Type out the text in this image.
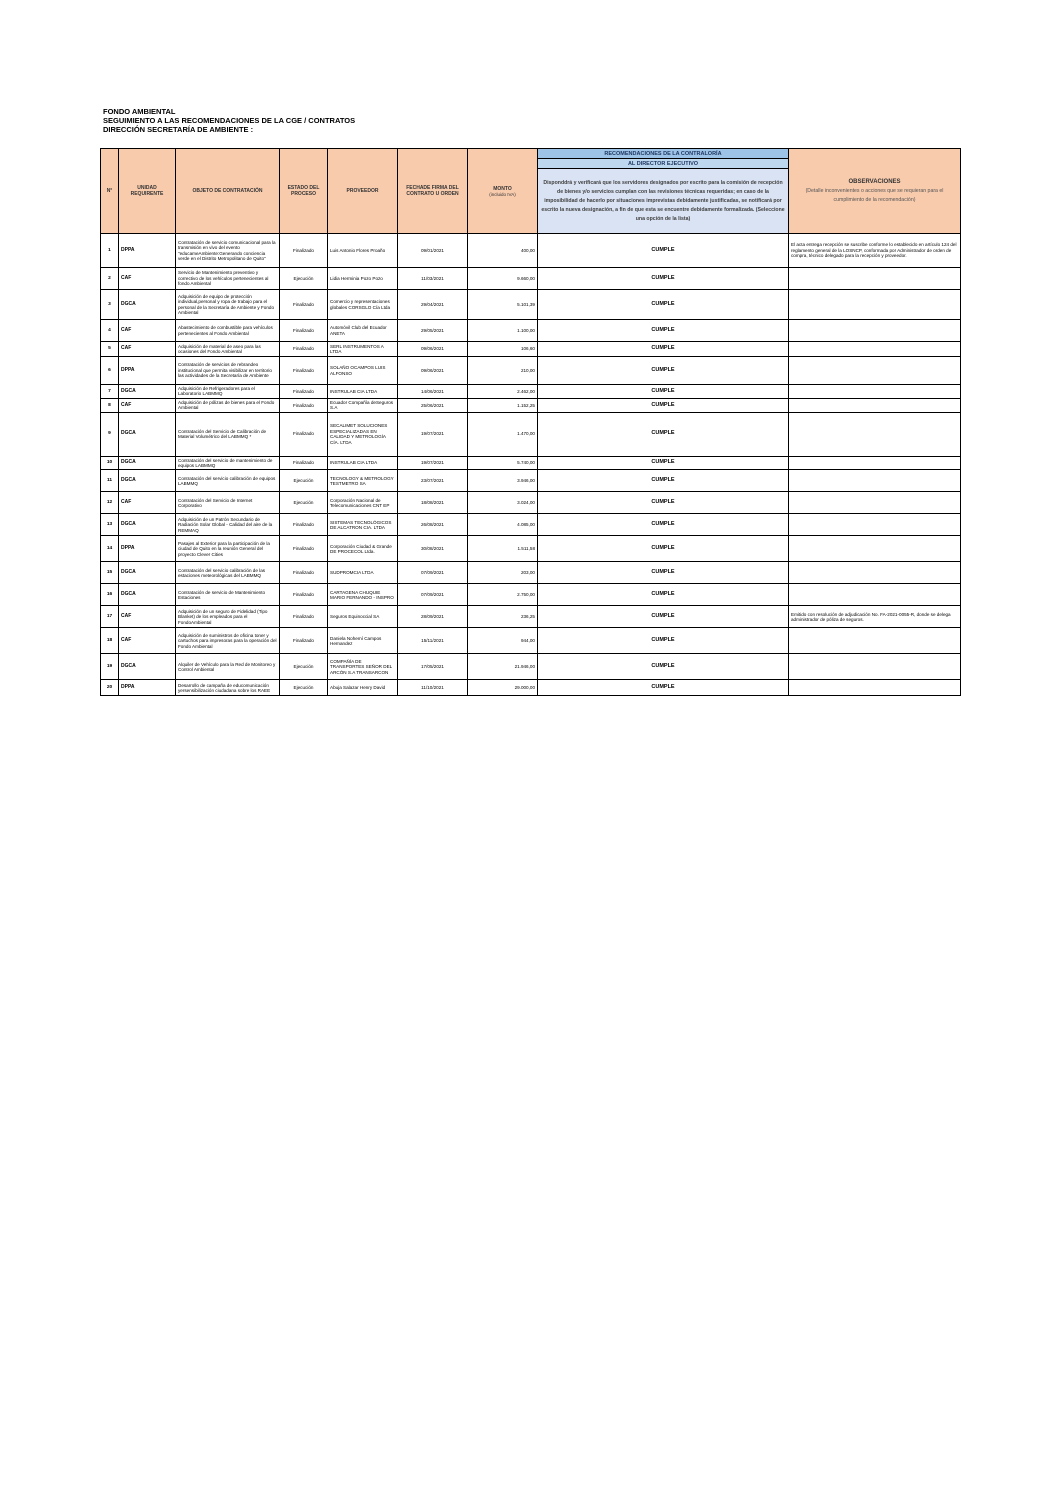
FONDO AMBIENTAL
SEGUIMIENTO A LAS RECOMENDACIONES DE LA CGE / CONTRATOS
DIRECCIÓN SECRETARÍA DE AMBIENTE :
N°	UNIDAD REQUIRENTE	OBJETO DE CONTRATACIÓN	ESTADO DEL PROCESO	PROVEEDOR	FECHADE FIRMA DEL CONTRATO U ORDEN	MONTO
(incluido IVA)	RECOMENDACIONES DE LA CONTRALORÍA	OBSERVACIONES
(Detalle inconvenientes o acciones que se requieran para el cumplimiento de la recomendación)
							AL DIRECTOR EJECUTIVO	
							Disponddrá y verificará que los servidores designados por escrito para la comisión de recepción de bienes y/o servicios cumplan con las revisiones técnicas requeridas; en caso de la imposibilidad de hacerlo por situaciones imprevistas debidamente justificadas, se notificará por escrito la nueva designación, a fin de que esta se encuentre debidamente formalizada. (Seleccione una opción de la lista)	
1	DPPA	Contratación de servicio comunicacional para la transmisión en vivo del evento "educameAmbiente:Generando conciencia verde en el Distrito Metropolitano de Quito"	Finalizado	Luis Antonio Flores Proaño	09/01/2021	400,00	CUMPLE	El acta entrega recepción se suscribe conforme lo establecido en artículo 124 del reglamento general de la LOSNCP, conformada por Administrador de orden de compra, técnico delegado para la recepción y proveedor.
2	CAF	Servicio de Mantenimiento preventivo y correctivo de los vehículos pertenecientes al fondo Ambiental	Ejecución	Lidia Herminia Pozo Pozo	11/03/2021	9.660,00	CUMPLE	
3	DGCA	Adquisición de equipo de protección individual,personal y ropa de trabajo para el personal de la Secretaría de Ambiente y Fondo Ambiental	Finalizado	Comercio y representaciones globales CORSGLO Cía Ltda	29/04/2021	5.101,39	CUMPLE	
4	CAF	Abastecimiento de combustible para vehículos pertenecientes al Fondo Ambiental	Finalizado	Automóvil Club del Ecuador ANETA	29/05/2021	1.100,00	CUMPLE	
5	CAF	Adquisición de material de aseo para las ocasiones del Fondo Ambiental	Finalizado	SERL INSTRUMENTOS A LTDA	09/06/2021	106,60	CUMPLE	
6	DPPA	Contratación de servicios de rebrandeo institucional que permita visibilizar en territorio las actividades de la Secretaría de Ambiente	Finalizado	SOLAÑO OCAMPOS LUIS ALFONSO	09/06/2021	210,00	CUMPLE	
7	DGCA	Adquisición de Refrigeradores para el Laboratorio LABMMQ	Finalizado	INSTRULAB CIA LTDA	14/06/2021	2.462,00	CUMPLE	
8	CAF	Adquisición de pólizas de bienes para el Fondo Ambiental	Finalizado	Ecuador Compañía deSeguros S.A	25/06/2021	1.152,25	CUMPLE	
9	DGCA	Contratación del Servicio de Calibración de Material Volumétrico del LABMMQ *	Finalizado	SECALIMET SOLUCIONES ESPECIALIZADAS EN CALIDAD Y METROLOGÍA CÍA. LTDA	19/07/2021	1.470,00	CUMPLE	
10	DGCA	Contratación del servicio de mantenimiento de equipos LABMMQ	Finalizado	INSTRULAB CIA LTDA	19/07/2021	5.740,00	CUMPLE	
11	DGCA	Contratación del servicio calibración de equipos LABMMQ	Ejecución	TECNOLOGY & METROLOGY TESTMETRO SA	23/07/2021	3.946,00	CUMPLE	
12	CAF	Contratación del Servicio de Internet Corporativo	Ejecución	Corporación Nacional de Telecomunicaciones CNT EP	18/08/2021	3.024,00	CUMPLE	
13	DGCA	Adquisición de un Patrón Secundario de Radiación Solar Global - Calidad del aire de la REMMAQ	Finalizado	SISTEMAS TECNOLÓGICOS DE ALCATRON CIA. LTDA	26/08/2021	4.085,00	CUMPLE	
14	DPPA	Pasajes al Exterior para la participación de la ciudad de Quito en la reunión General del proyecto Clever Cities	Finalizado	Corporación Ciudad & Grande DE PROCECOL Ltda.	30/08/2021	1.511,58	CUMPLE	
15	DGCA	Contratación del servicio calibración de las estaciones meteorológicas del LABMMQ	Finalizado	SUDPROMCIA LTDA	07/09/2021	203,00	CUMPLE	
16	DGCA	Contratación de servicio de Mantenimiento Estaciones	Finalizado	CARTAGENA CHUQUIE MARIO FERNANDO - INSPRO	07/09/2021	2.750,00	CUMPLE	
17	CAF	Adquisición de un seguro de Fidelidad (Tipo Blanket) de los empleados para el FondoAmbiental	Finalizado	Seguros Equinoccial SA	28/09/2021	236,25	CUMPLE	Emitido con resolución de adjudicación No. FA-2021-0055-R, donde se delega administrador de póliza de seguros.
18	CAF	Adquisición de suministros de oficina toner y cartuchos para impresoras para la operación del Fondo Ambiental	Finalizado	Daniela Nohemí Campos Hernandez	15/11/2021	944,00	CUMPLE	
19	DGCA	Alquiler de Vehículo para la Red de Monitoreo y Control Ambiental	Ejecución	COMPAÑÍA DE TRANSPORTES SEÑOR DEL ARCÓN S.A TRANSARCON	17/05/2021	21.946,00	CUMPLE	
20	DPPA	Desarrollo de campaña de educomunicación yersensibilización ciudadana sobre los RAEE	Ejecución	Abuja Salazar Henry David	11/10/2021	29.000,00	CUMPLE	
